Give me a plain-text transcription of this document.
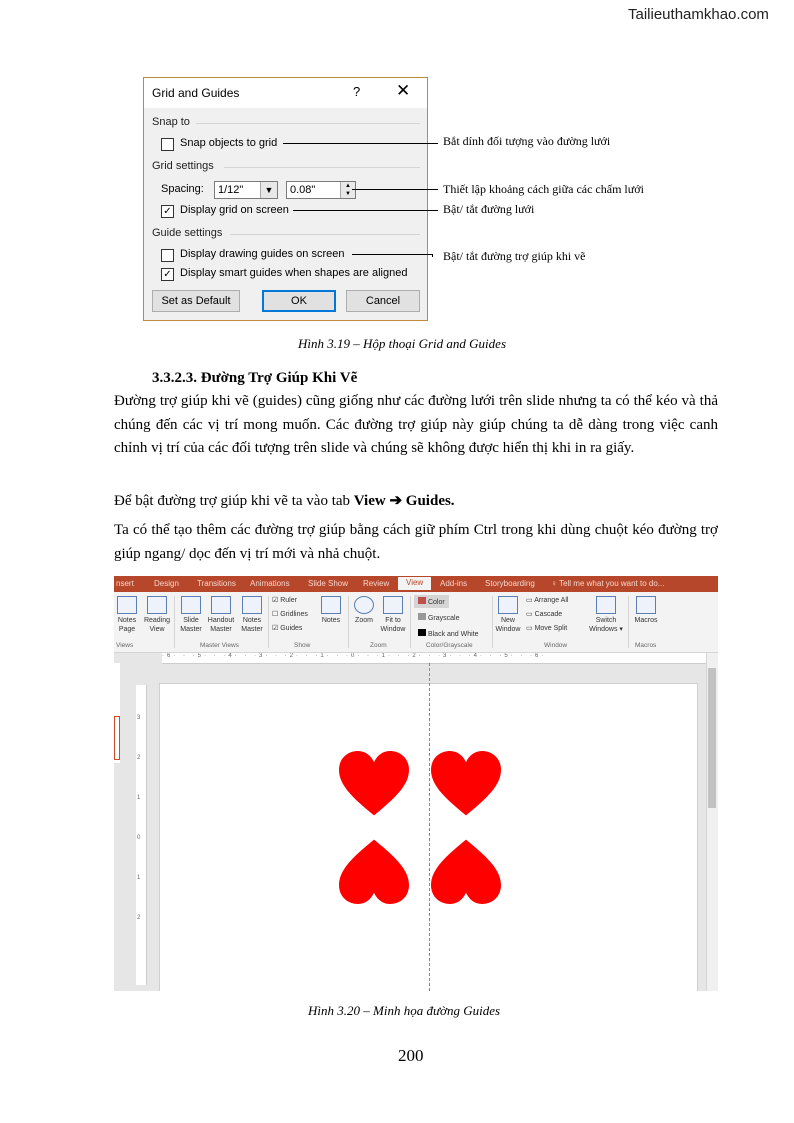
Tailieuthamkhao.com
Grid and Guides	? ✕
Snap to
Snap objects to grid
Grid settings
Spacing:	1/12"	▼	0.08"	▲
▼
✓ Display grid on screen
Guide settings
Display drawing guides on screen
✓ Display smart guides when shapes are aligned
Set as Default	OK	Cancel
Bắt dính đối tượng vào đường lưới
Thiết lập khoảng cách giữa các chấm lưới
Bật/ tắt đường lưới
Bật/ tắt đường trợ giúp khi vẽ
Hình 3.19 – Hộp thoại Grid and Guides
3.3.2.3. Đường Trợ Giúp Khi Vẽ
Đường trợ giúp khi vẽ (guides) cũng giống như các đường lưới trên slide nhưng ta có thể kéo và thả chúng đến các vị trí mong muốn. Các đường trợ giúp này giúp chúng ta dễ dàng trong việc canh chỉnh vị trí của các đối tượng trên slide và chúng sẽ không được hiển thị khi in ra giấy.
Để bật đường trợ giúp khi vẽ ta vào tab View ➔ Guides.
Ta có thể tạo thêm các đường trợ giúp bằng cách giữ phím Ctrl trong khi dùng chuột kéo đường trợ giúp ngang/ dọc đến vị trí mới và nhả chuột.
nsert	Design Transitions Animations Slide Show Review	View	Add-ins Storyboarding ♀ Tell me what you want to do...
Notes
Page
Reading
View
Views
Slide
Master
Handout
Master
Notes
Master
Master Views
☑ Ruler
☐ Gridlines
☑ Guides
Notes
Show
Zoom	Fit to
Window
Zoom
Color
Grayscale
Black and White
Color/Grayscale
New
Window
▭ Arrange All
▭ Cascade
▭ Move Split
Switch
Windows ▾
Window
Macros
Macros
·6· · ·5· · ·4· · ·3· · ·2· · ·1· · ·0· · ·1· · ·2· · ·3· · ·4· · ·5· · ·6·
3
2
1
0
1
2
Hình 3.20 – Minh họa đường Guides
200
